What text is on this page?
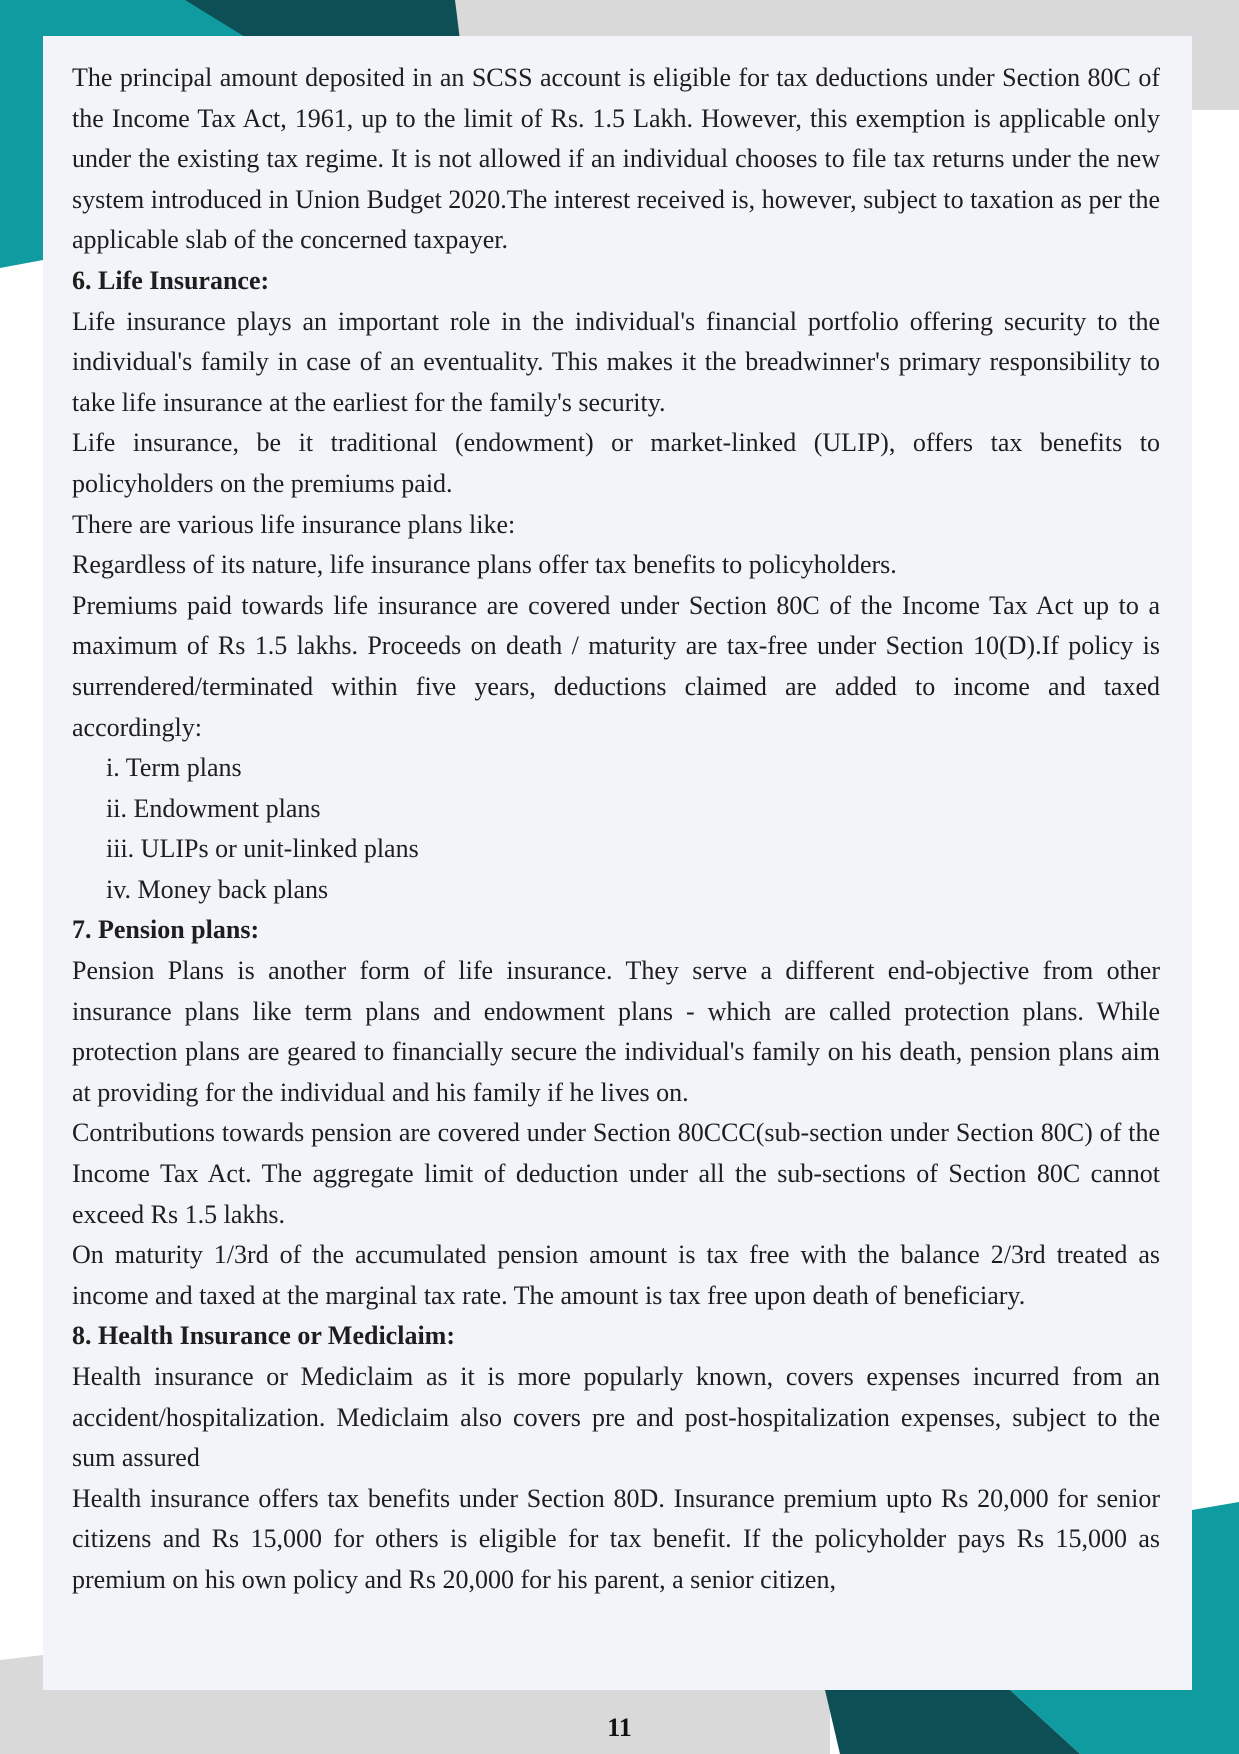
The principal amount deposited in an SCSS account is eligible for tax deductions under Section 80C of the Income Tax Act, 1961, up to the limit of Rs. 1.5 Lakh. However, this exemption is applicable only under the existing tax regime. It is not allowed if an individual chooses to file tax returns under the new system introduced in Union Budget 2020.The interest received is, however, subject to taxation as per the applicable slab of the concerned taxpayer.

6. Life Insurance:

Life insurance plays an important role in the individual's financial portfolio offering security to the individual's family in case of an eventuality. This makes it the breadwinner's primary responsibility to take life insurance at the earliest for the family's security.

Life insurance, be it traditional (endowment) or market-linked (ULIP), offers tax benefits to policyholders on the premiums paid.

There are various life insurance plans like:

Regardless of its nature, life insurance plans offer tax benefits to policyholders.

Premiums paid towards life insurance are covered under Section 80C of the Income Tax Act up to a maximum of Rs 1.5 lakhs. Proceeds on death / maturity are tax-free under Section 10(D).If policy is surrendered/terminated within five years, deductions claimed are added to income and taxed accordingly:

i. Term plans
ii. Endowment plans
iii. ULIPs or unit-linked plans
iv. Money back plans
7. Pension plans:

Pension Plans is another form of life insurance. They serve a different end-objective from other insurance plans like term plans and endowment plans - which are called protection plans. While protection plans are geared to financially secure the individual's family on his death, pension plans aim at providing for the individual and his family if he lives on.

Contributions towards pension are covered under Section 80CCC(sub-section under Section 80C) of the Income Tax Act. The aggregate limit of deduction under all the sub-sections of Section 80C cannot exceed Rs 1.5 lakhs.

On maturity 1/3rd of the accumulated pension amount is tax free with the balance 2/3rd treated as income and taxed at the marginal tax rate. The amount is tax free upon death of beneficiary.

8. Health Insurance or Mediclaim:

Health insurance or Mediclaim as it is more popularly known, covers expenses incurred from an accident/hospitalization. Mediclaim also covers pre and post-hospitalization expenses, subject to the sum assured

Health insurance offers tax benefits under Section 80D. Insurance premium upto Rs 20,000 for senior citizens and Rs 15,000 for others is eligible for tax benefit. If the policyholder pays Rs 15,000 as premium on his own policy and Rs 20,000 for his parent, a senior citizen,

11
